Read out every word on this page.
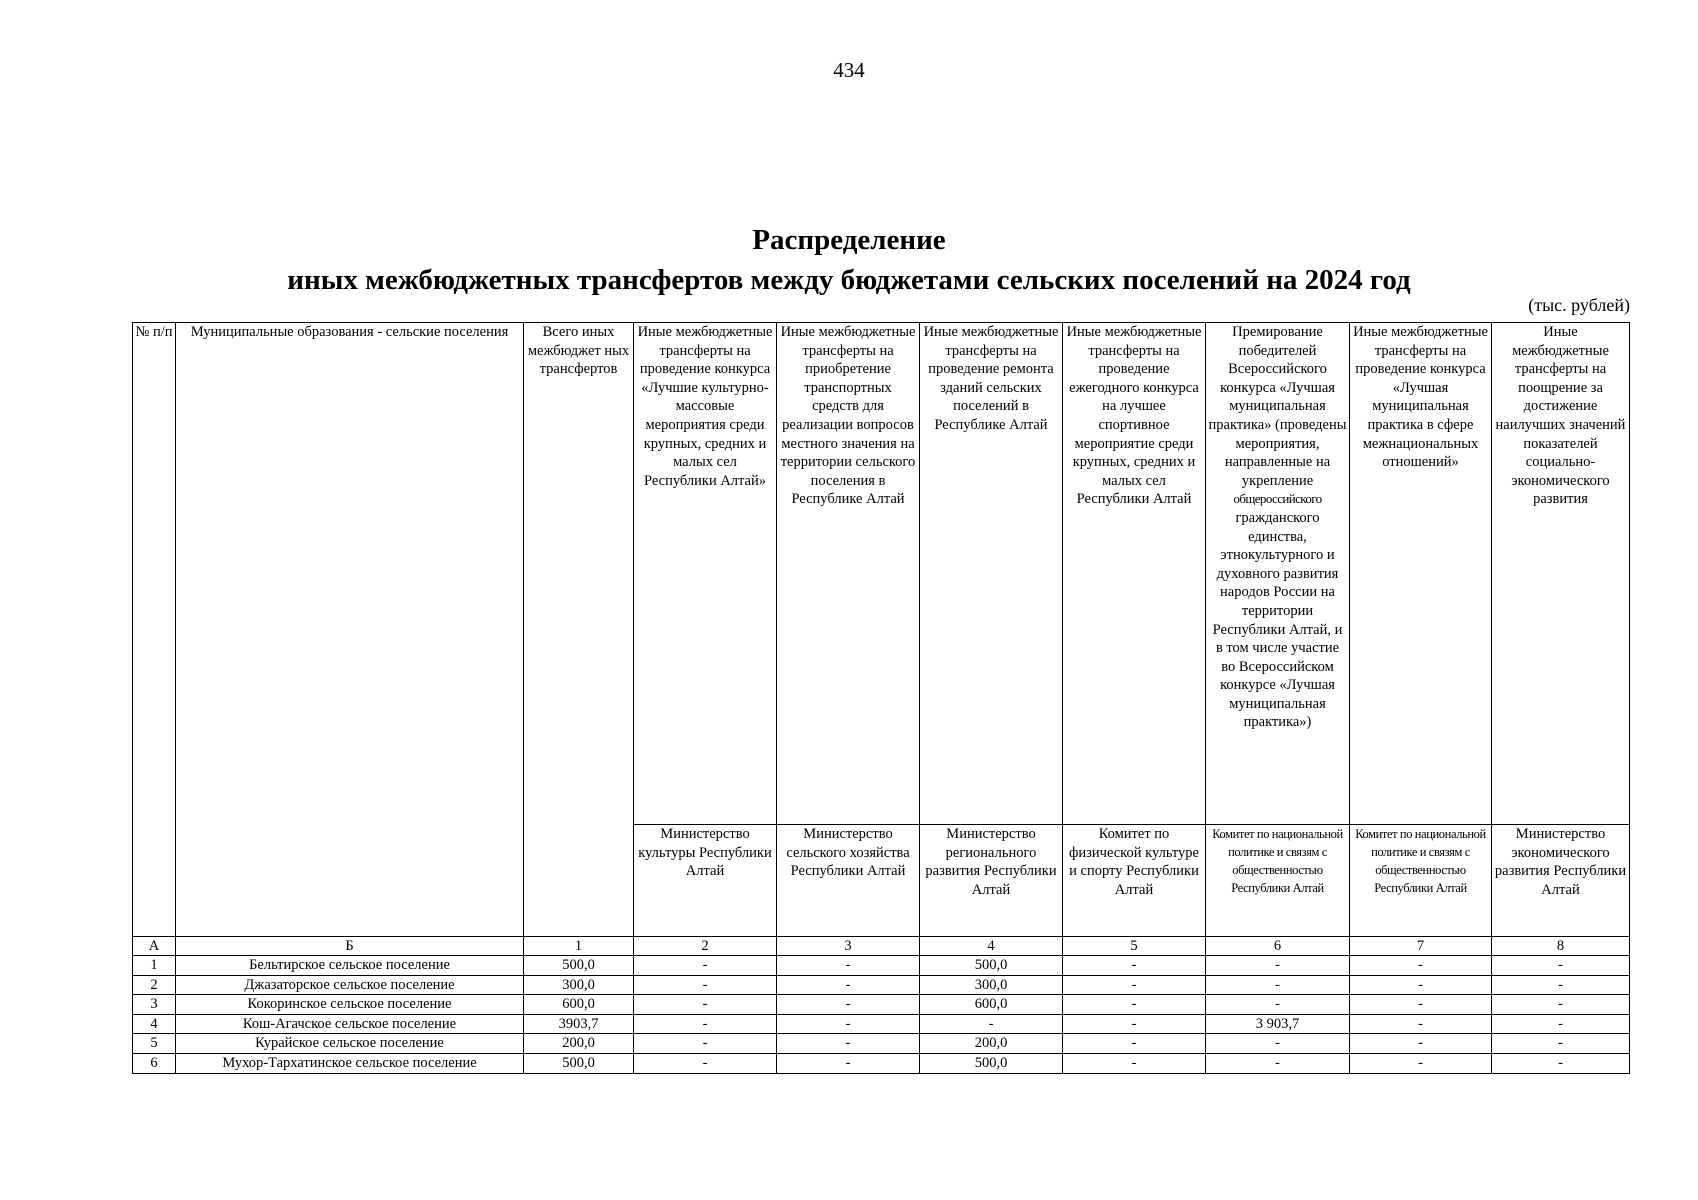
434
Распределение
иных межбюджетных трансфертов между бюджетами сельских поселений на 2024 год
(тыс. рублей)
№ п/п	Муниципальные образования - сельские поселения	Всего иных межбюджет ных трансфертов	Иные межбюджетные трансферты на проведение конкурса «Лучшие культурно-массовые мероприятия среди крупных, средних и малых сел Республики Алтай»	Иные межбюджетные трансферты на приобретение транспортных средств для реализации вопросов местного значения на территории сельского поселения в Республике Алтай	Иные межбюджетные трансферты на проведение ремонта зданий сельских поселений в Республике Алтай	Иные межбюджетные трансферты на проведение ежегодного конкурса на лучшее спортивное мероприятие среди крупных, средних и малых сел Республики Алтай	Премирование победителей Всероссийского конкурса «Лучшая муниципальная практика» (проведены мероприятия, направленные на укрепление общероссийского гражданского единства, этнокультурного и духовного развития народов России на территории Республики Алтай, и в том числе участие во Всероссийском конкурсе «Лучшая муниципальная практика»)	Иные межбюджетные трансферты на проведение конкурса «Лучшая муниципальная практика в сфере межнациональных отношений»	Иные межбюджетные трансферты на поощрение за достижение наилучших значений показателей социально-экономического развития
			Министерство культуры Республики Алтай	Министерство сельского хозяйства Республики Алтай	Министерство регионального развития Республики Алтай	Комитет по физической культуре и спорту Республики Алтай	Комитет по национальной политике и связям с общественностью Республики Алтай	Комитет по национальной политике и связям с общественностью Республики Алтай	Министерство экономического развития Республики Алтай
А	Б	1	2	3	4	5	6	7	8
1	Бельтирское сельское поселение	500,0	-	-	500,0	-	-	-	-
2	Джазаторское сельское поселение	300,0	-	-	300,0	-	-	-	-
3	Кокоринское сельское поселение	600,0	-	-	600,0	-	-	-	-
4	Кош-Агачское сельское поселение	3903,7	-	-	-	-	3 903,7	-	-
5	Курайское сельское поселение	200,0	-	-	200,0	-	-	-	-
6	Мухор-Тархатинское сельское поселение	500,0	-	-	500,0	-	-	-	-
